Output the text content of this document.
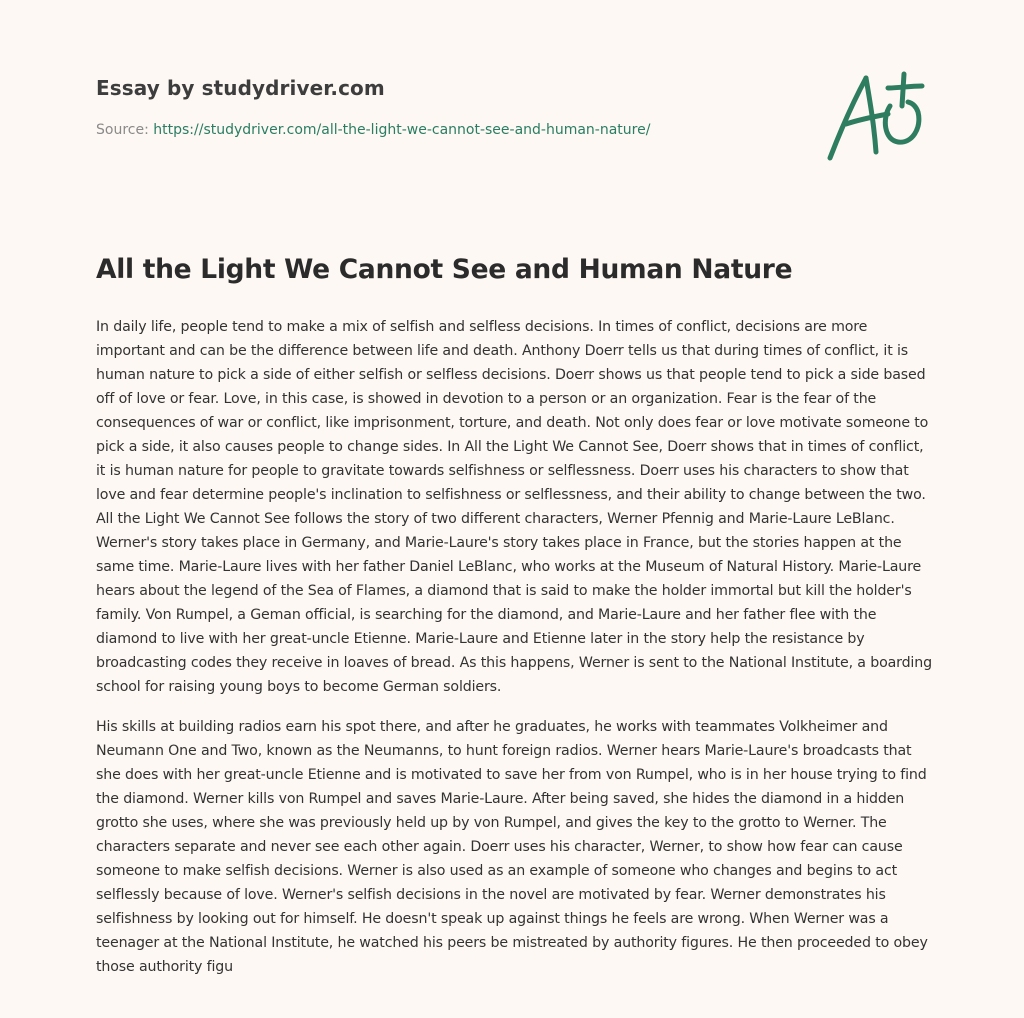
Essay by studydriver.com
Source: https://studydriver.com/all-the-light-we-cannot-see-and-human-nature/
All the Light We Cannot See and Human Nature

In daily life, people tend to make a mix of selfish and selfless decisions. In times of conflict, decisions are more important and can be the difference between life and death. Anthony Doerr tells us that during times of conflict, it is human nature to pick a side of either selfish or selfless decisions. Doerr shows us that people tend to pick a side based off of love or fear. Love, in this case, is showed in devotion to a person or an organization. Fear is the fear of the consequences of war or conflict, like imprisonment, torture, and death. Not only does fear or love motivate someone to pick a side, it also causes people to change sides. In All the Light We Cannot See, Doerr shows that in times of conflict, it is human nature for people to gravitate towards selfishness or selflessness. Doerr uses his characters to show that love and fear determine people's inclination to selfishness or selflessness, and their ability to change between the two. All the Light We Cannot See follows the story of two different characters, Werner Pfennig and Marie-Laure LeBlanc. Werner's story takes place in Germany, and Marie-Laure's story takes place in France, but the stories happen at the same time. Marie-Laure lives with her father Daniel LeBlanc, who works at the Museum of Natural History. Marie-Laure hears about the legend of the Sea of Flames, a diamond that is said to make the holder immortal but kill the holder's family. Von Rumpel, a Geman official, is searching for the diamond, and Marie-Laure and her father flee with the diamond to live with her great-uncle Etienne. Marie-Laure and Etienne later in the story help the resistance by broadcasting codes they receive in loaves of bread. As this happens, Werner is sent to the National Institute, a boarding school for raising young boys to become German soldiers.

His skills at building radios earn his spot there, and after he graduates, he works with teammates Volkheimer and Neumann One and Two, known as the Neumanns, to hunt foreign radios. Werner hears Marie-Laure's broadcasts that she does with her great-uncle Etienne and is motivated to save her from von Rumpel, who is in her house trying to find the diamond. Werner kills von Rumpel and saves Marie-Laure. After being saved, she hides the diamond in a hidden grotto she uses, where she was previously held up by von Rumpel, and gives the key to the grotto to Werner. The characters separate and never see each other again. Doerr uses his character, Werner, to show how fear can cause someone to make selfish decisions. Werner is also used as an example of someone who changes and begins to act selflessly because of love. Werner's selfish decisions in the novel are motivated by fear. Werner demonstrates his selfishness by looking out for himself. He doesn't speak up against things he feels are wrong. When Werner was a teenager at the National Institute, he watched his peers be mistreated by authority figures. He then proceeded to obey those authority figu
